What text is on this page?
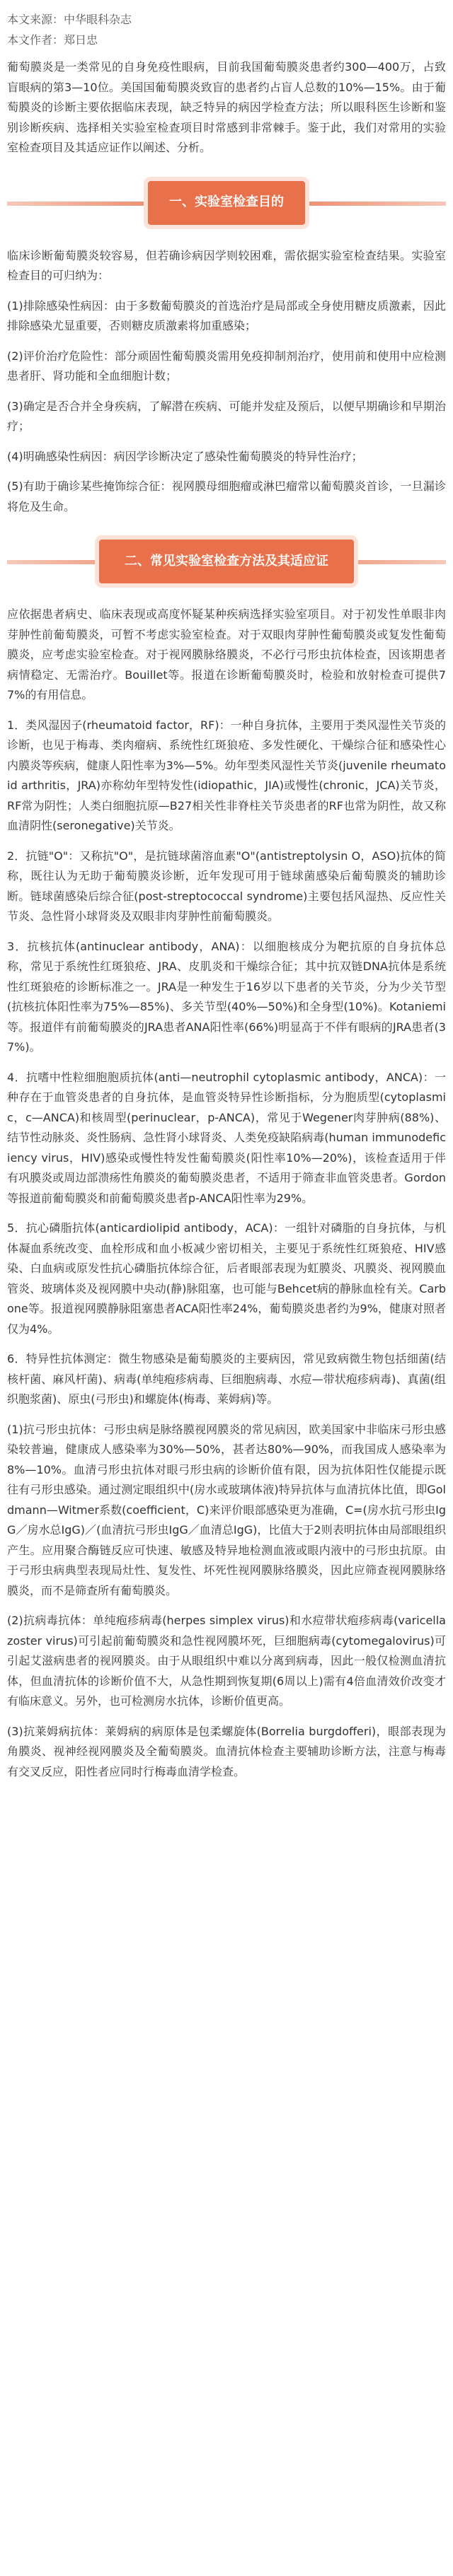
本文来源：中华眼科杂志

本文作者：郑日忠

葡萄膜炎是一类常见的自身免疫性眼病，目前我国葡萄膜炎患者约300—400万，占致盲眼病的第3—10位。美国国葡萄膜炎致盲的患者约占盲人总数的10%—15%。由于葡萄膜炎的诊断主要依据临床表现，缺乏特异的病因学检查方法；所以眼科医生诊断和鉴别诊断疾病、选择相关实验室检查项目时常感到非常棘手。鉴于此，我们对常用的实验室检查项目及其适应证作以阐述、分析。

一、实验室检查目的

临床诊断葡萄膜炎较容易，但若确诊病因学则较困难，需依据实验室检查结果。实验室检查目的可归纳为：

(1)排除感染性病因：由于多数葡萄膜炎的首选治疗是局部或全身使用糖皮质激素，因此排除感染尤显重要，否则糖皮质激素将加重感染；

(2)评价治疗危险性：部分顽固性葡萄膜炎需用免疫抑制剂治疗，使用前和使用中应检测患者肝、肾功能和全血细胞计数；

(3)确定是否合并全身疾病，了解潜在疾病、可能并发症及预后，以便早期确诊和早期治疗；

(4)明确感染性病因：病因学诊断决定了感染性葡萄膜炎的特异性治疗；

(5)有助于确诊某些掩饰综合征：视网膜母细胞瘤或淋巴瘤常以葡萄膜炎首诊，一旦漏诊将危及生命。

二、常见实验室检查方法及其适应证

应依据患者病史、临床表现或高度怀疑某种疾病选择实验室项目。对于初发性单眼非肉芽肿性前葡萄膜炎，可暂不考虑实验室检查。对于双眼肉芽肿性葡萄膜炎或复发性葡萄膜炎，应考虑实验室检查。对于视网膜脉络膜炎，不必行弓形虫抗体检查，因该期患者病情稳定、无需治疗。Bouillet等。报道在诊断葡萄膜炎时，检验和放射检查可提供77%的有用信息。

1．类风湿因子(rheumatoid factor，RF)：一种自身抗体，主要用于类风湿性关节炎的诊断，也见于梅毒、类肉瘤病、系统性红斑狼疮、多发性硬化、干燥综合征和感染性心内膜炎等疾病，健康人阳性率为3%—5%。幼年型类风湿性关节炎(juvenile rheumatoid arthritis，JRA)亦称幼年型特发性(idiopathic，JIA)或慢性(chronic，JCA)关节炎，RF常为阴性；人类白细胞抗原—B27相关性非脊柱关节炎患者的RF也常为阴性，故又称血清阴性(seronegative)关节炎。

2．抗链"O"：又称抗"O"，是抗链球菌溶血素"O"(antistreptolysin O，ASO)抗体的简称，既往认为无助于葡萄膜炎诊断，近年发现可用于链球菌感染后葡萄膜炎的辅助诊断。链球菌感染后综合征(post-streptococcal syndrome)主要包括风湿热、反应性关节炎、急性肾小球肾炎及双眼非肉芽肿性前葡萄膜炎。

3．抗核抗体(antinuclear antibody，ANA)：以细胞核成分为靶抗原的自身抗体总称，常见于系统性红斑狼疮、JRA、皮肌炎和干燥综合征；其中抗双链DNA抗体是系统性红斑狼疮的诊断标准之一。JRA是一种发生于16岁以下患者的关节炎，分为少关节型(抗核抗体阳性率为75%—85%)、多关节型(40%—50%)和全身型(10%)。Kotaniemi等。报道伴有前葡萄膜炎的JRA患者ANA阳性率(66%)明显高于不伴有眼病的JRA患者(37%)。

4．抗嗜中性粒细胞胞质抗体(anti—neutrophil cytoplasmic antibody，ANCA)：一种存在于血管炎患者的自身抗体，是血管炎特异性诊断指标，分为胞质型(cytoplasmic，c—ANCA)和核周型(perinuclear，p-ANCA)，常见于Wegener肉芽肿病(88%)、结节性动脉炎、炎性肠病、急性肾小球肾炎、人类免疫缺陷病毒(human immunodeficiency virus，HIV)感染或慢性特发性葡萄膜炎(阳性率10%—20%)，该检查适用于伴有巩膜炎或周边部溃疡性角膜炎的葡萄膜炎患者，不适用于筛查非血管炎患者。Gordon等报道前葡萄膜炎和前葡萄膜炎患者p-ANCA阳性率为29%。

5．抗心磷脂抗体(anticardiolipid antibody，ACA)：一组针对磷脂的自身抗体，与机体凝血系统改变、血栓形成和血小板减少密切相关，主要见于系统性红斑狼疮、HIV感染、白血病或原发性抗心磷脂抗体综合征，后者眼部表现为虹膜炎、巩膜炎、视网膜血管炎、玻璃体炎及视网膜中央动(静)脉阻塞，也可能与Behcet病的静脉血栓有关。Carbone等。报道视网膜静脉阻塞患者ACA阳性率24%，葡萄膜炎患者约为9%，健康对照者仅为4%。

6．特异性抗体测定：微生物感染是葡萄膜炎的主要病因，常见致病微生物包括细菌(结核杆菌、麻风杆菌)、病毒(单纯疱疹病毒、巨细胞病毒、水痘—带状疱疹病毒)、真菌(组织胞浆菌)、原虫(弓形虫)和螺旋体(梅毒、莱姆病)等。

(1)抗弓形虫抗体：弓形虫病是脉络膜视网膜炎的常见病因，欧美国家中非临床弓形虫感染较普遍，健康成人感染率为30%—50%，甚者达80%—90%，而我国成人感染率为8%—10%。血清弓形虫抗体对眼弓形虫病的诊断价值有限，因为抗体阳性仅能提示既往有弓形虫感染。通过测定眼组织中(房水或玻璃体液)特异抗体与血清抗体比值，即Goldmann—Witmer系数(coefficient，C)来评价眼部感染更为准确，C=(房水抗弓形虫IgG／房水总IgG)／(血清抗弓形虫IgG／血清总IgG)，比值大于2则表明抗体由局部眼组织产生。应用聚合酶链反应可快速、敏感及特异地检测血液或眼内液中的弓形虫抗原。由于弓形虫病典型表现局灶性、复发性、坏死性视网膜脉络膜炎，因此应筛查视网膜脉络膜炎，而不是筛查所有葡萄膜炎。

(2)抗病毒抗体：单纯疱疹病毒(herpes simplex virus)和水痘带状疱疹病毒(varicella zoster virus)可引起前葡萄膜炎和急性视网膜坏死，巨细胞病毒(cytomegalovirus)可引起艾滋病患者的视网膜炎。由于从眼组织中难以分离到病毒，因此一般仅检测血清抗体，但血清抗体的诊断价值不大，从急性期到恢复期(6周以上)需有4倍血清效价改变才有临床意义。另外，也可检测房水抗体，诊断价值更高。

(3)抗莱姆病抗体：莱姆病的病原体是包柔螺旋体(Borrelia burgdofferi)，眼部表现为角膜炎、视神经视网膜炎及全葡萄膜炎。血清抗体检查主要辅助诊断方法，注意与梅毒有交叉反应，阳性者应同时行梅毒血清学检查。
